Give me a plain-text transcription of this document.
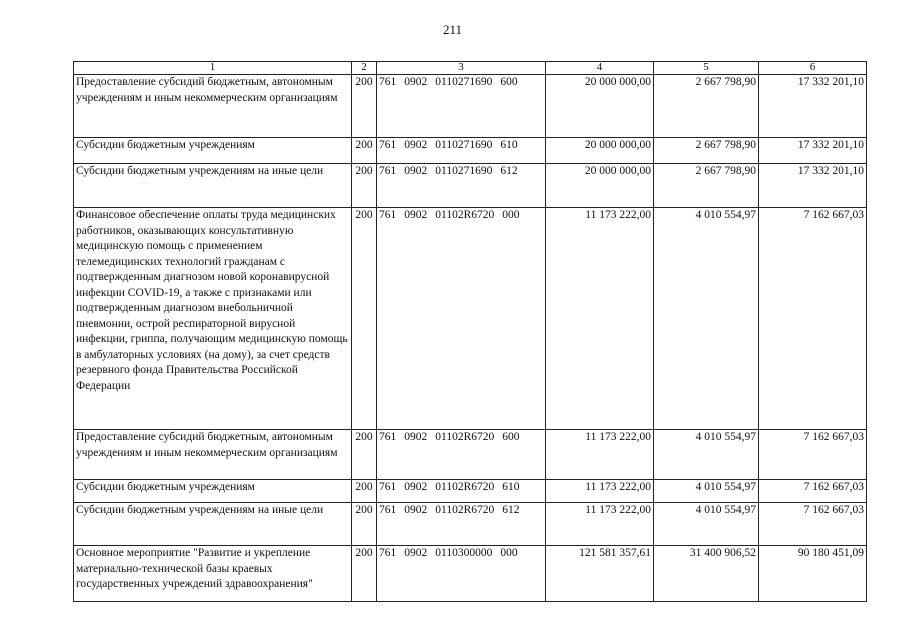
211
1	2	3	4	5	6
Предоставление субсидий бюджетным, автономным учреждениям и иным некоммерческим организациям	200	761 0902 0110271690 600	20 000 000,00	2 667 798,90	17 332 201,10
Субсидии бюджетным учреждениям	200	761 0902 0110271690 610	20 000 000,00	2 667 798,90	17 332 201,10
Субсидии бюджетным учреждениям на иные цели	200	761 0902 0110271690 612	20 000 000,00	2 667 798,90	17 332 201,10
Финансовое обеспечение оплаты труда медицинских работников, оказывающих консультативную медицинскую помощь с применением телемедицинских технологий гражданам с подтвержденным диагнозом новой коронавирусной инфекции COVID-19, а также с признаками или подтвержденным диагнозом внебольничной пневмонии, острой респираторной вирусной инфекции, гриппа, получающим медицинскую помощь в амбулаторных условиях (на дому), за счет средств резервного фонда Правительства Российской Федерации	200	761 0902 01102R6720 000	11 173 222,00	4 010 554,97	7 162 667,03
Предоставление субсидий бюджетным, автономным учреждениям и иным некоммерческим организациям	200	761 0902 01102R6720 600	11 173 222,00	4 010 554,97	7 162 667,03
Субсидии бюджетным учреждениям	200	761 0902 01102R6720 610	11 173 222,00	4 010 554,97	7 162 667,03
Субсидии бюджетным учреждениям на иные цели	200	761 0902 01102R6720 612	11 173 222,00	4 010 554,97	7 162 667,03
Основное мероприятие "Развитие и укрепление материально-технической базы краевых государственных учреждений здравоохранения"	200	761 0902 0110300000 000	121 581 357,61	31 400 906,52	90 180 451,09
